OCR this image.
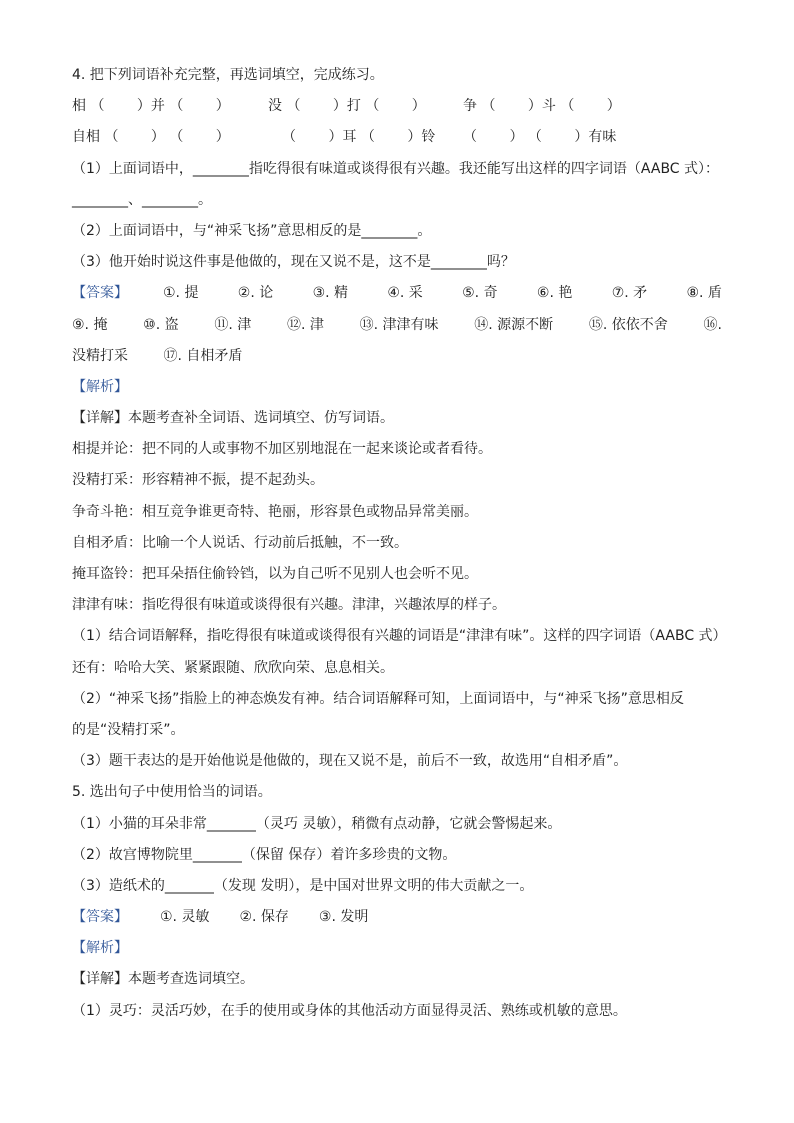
4. 把下列词语补充完整，再选词填空，完成练习。
相 （　　 ）并 （　　 ）	没 （　　 ）打 （　　 ）	争 （　　 ）斗 （　　 ）
自相 （　　 ） （　　 ）	（　　 ）耳 （　　 ）铃 （　　 ） （　　 ）有味
（1）上面词语中，________指吃得很有味道或谈得很有兴趣。我还能写出这样的四字词语（AABC 式）：
________、________。
（2）上面词语中，与“神采飞扬”意思相反的是________。
（3）他开始时说这件事是他做的，现在又说不是，这不是________吗？
【答案】	①. 提	②. 论	③. 精	④. 采	⑤. 奇	⑥. 艳	⑦. 矛	⑧. 盾
⑨. 掩	⑩. 盗	⑪. 津	⑫. 津	⑬. 津津有味	⑭. 源源不断	⑮. 依依不舍	⑯.
没精打采	⑰. 自相矛盾
【解析】
【详解】本题考查补全词语、选词填空、仿写词语。
相提并论：把不同的人或事物不加区别地混在一起来谈论或者看待。
没精打采：形容精神不振，提不起劲头。
争奇斗艳：相互竞争谁更奇特、艳丽，形容景色或物品异常美丽。
自相矛盾：比喻一个人说话、行动前后抵触，不一致。
掩耳盗铃：把耳朵捂住偷铃铛，以为自己听不见别人也会听不见。
津津有味：指吃得很有味道或谈得很有兴趣。津津，兴趣浓厚的样子。
（1）结合词语解释，指吃得很有味道或谈得很有兴趣的词语是“津津有味”。这样的四字词语（AABC 式）
还有：哈哈大笑、紧紧跟随、欣欣向荣、息息相关。
（2）“神采飞扬”指脸上的神态焕发有神。结合词语解释可知，上面词语中，与“神采飞扬”意思相反
的是“没精打采”。
（3）题干表达的是开始他说是他做的，现在又说不是，前后不一致，故选用“自相矛盾”。
5. 选出句子中使用恰当的词语。
（1）小猫的耳朵非常_______（灵巧 灵敏），稍微有点动静，它就会警惕起来。
（2）故宫博物院里_______（保留 保存）着许多珍贵的文物。
（3）造纸术的_______（发现 发明），是中国对世界文明的伟大贡献之一。
【答案】	①. 灵敏 ②. 保存 ③. 发明
【解析】
【详解】本题考查选词填空。
（1）灵巧：灵活巧妙，在手的使用或身体的其他活动方面显得灵活、熟练或机敏的意思。
